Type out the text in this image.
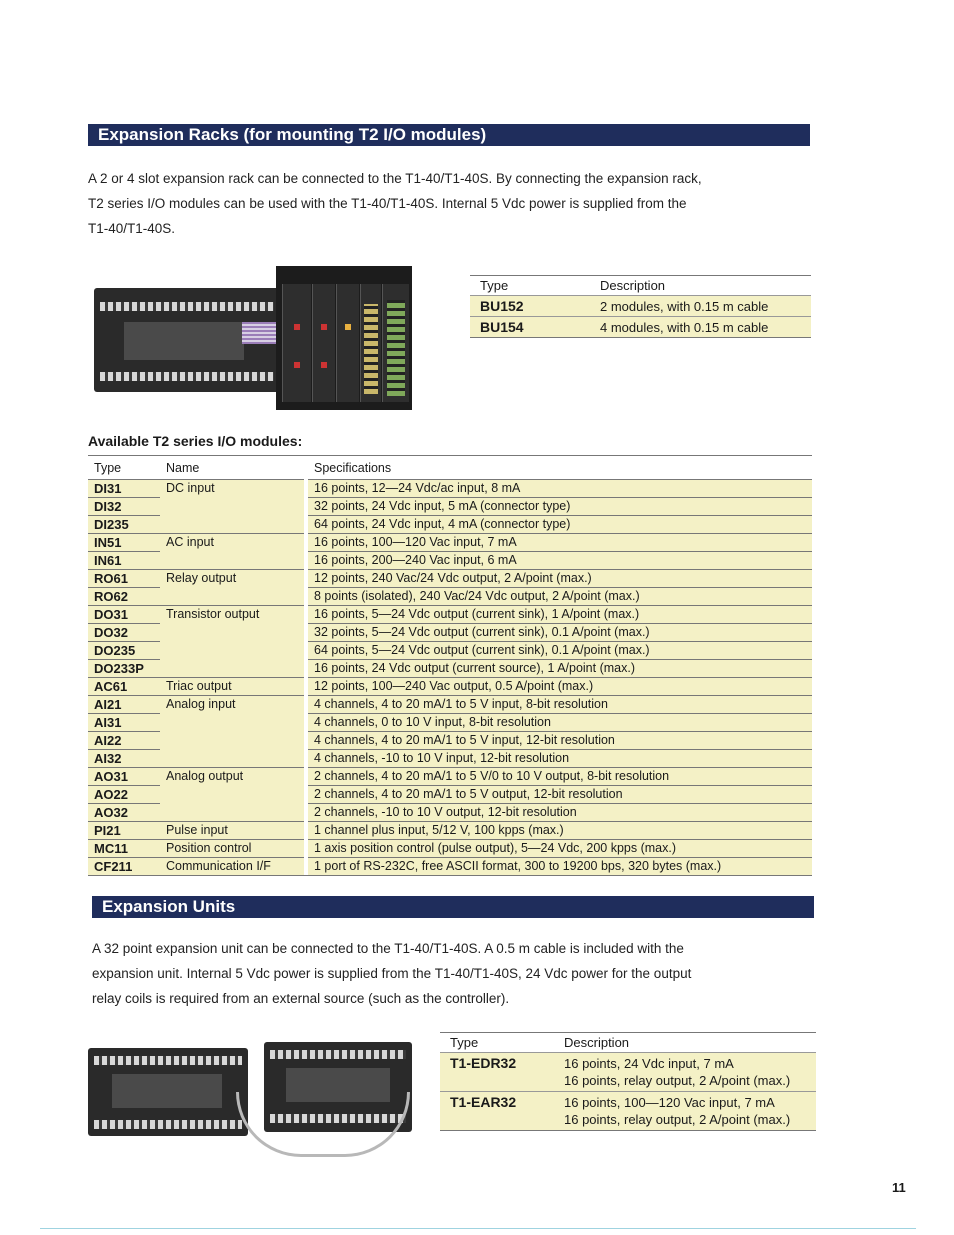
Expansion Racks (for mounting T2 I/O modules)

A 2 or 4 slot expansion rack can be connected to the T1-40/T1-40S. By connecting the expansion rack,

T2 series I/O modules can be used with the T1-40/T1-40S. Internal 5 Vdc power is supplied from the

T1-40/T1-40S.

Type	Description
BU152	2 modules, with 0.15 m cable
BU154	4 modules, with 0.15 m cable
Available T2 series I/O modules:
Type	Name		Specifications
DI31	DC input		16 points, 12—24 Vdc/ac input, 8 mA
DI32			32 points, 24 Vdc input, 5 mA (connector type)
DI235			64 points, 24 Vdc input, 4 mA (connector type)
IN51	AC input		16 points, 100—120 Vac input, 7 mA
IN61			16 points, 200—240 Vac input, 6 mA
RO61	Relay output		12 points, 240 Vac/24 Vdc output, 2 A/point (max.)
RO62			8 points (isolated), 240 Vac/24 Vdc output, 2 A/point (max.)
DO31	Transistor output		16 points, 5—24 Vdc output (current sink), 1 A/point (max.)
DO32			32 points, 5—24 Vdc output (current sink), 0.1 A/point (max.)
DO235			64 points, 5—24 Vdc output (current sink), 0.1 A/point (max.)
DO233P			16 points, 24 Vdc output (current source), 1 A/point (max.)
AC61	Triac output		12 points, 100—240 Vac output, 0.5 A/point (max.)
AI21	Analog input		4 channels, 4 to 20 mA/1 to 5 V input, 8-bit resolution
AI31			4 channels, 0 to 10 V input, 8-bit resolution
AI22			4 channels, 4 to 20 mA/1 to 5 V input, 12-bit resolution
AI32			4 channels, -10 to 10 V input, 12-bit resolution
AO31	Analog output		2 channels, 4 to 20 mA/1 to 5 V/0 to 10 V output, 8-bit resolution
AO22			2 channels, 4 to 20 mA/1 to 5 V output, 12-bit resolution
AO32			2 channels, -10 to 10 V output, 12-bit resolution
PI21	Pulse input		1 channel plus input, 5/12 V, 100 kpps (max.)
MC11	Position control		1 axis position control (pulse output), 5—24 Vdc, 200 kpps (max.)
CF211	Communication I/F		1 port of RS-232C, free ASCII format, 300 to 19200 bps, 320 bytes (max.)
Expansion Units

A 32 point expansion unit can be connected to the T1-40/T1-40S. A 0.5 m cable is included with the

expansion unit. Internal 5 Vdc power is supplied from the T1-40/T1-40S, 24 Vdc power for the output

relay coils is required from an external source (such as the controller).

Type	Description
T1-EDR32	16 points, 24 Vdc input, 7 mA
16 points, relay output, 2 A/point (max.)

T1-EAR32	16 points, 100—120 Vac input, 7 mA
16 points, relay output, 2 A/point (max.)
11
